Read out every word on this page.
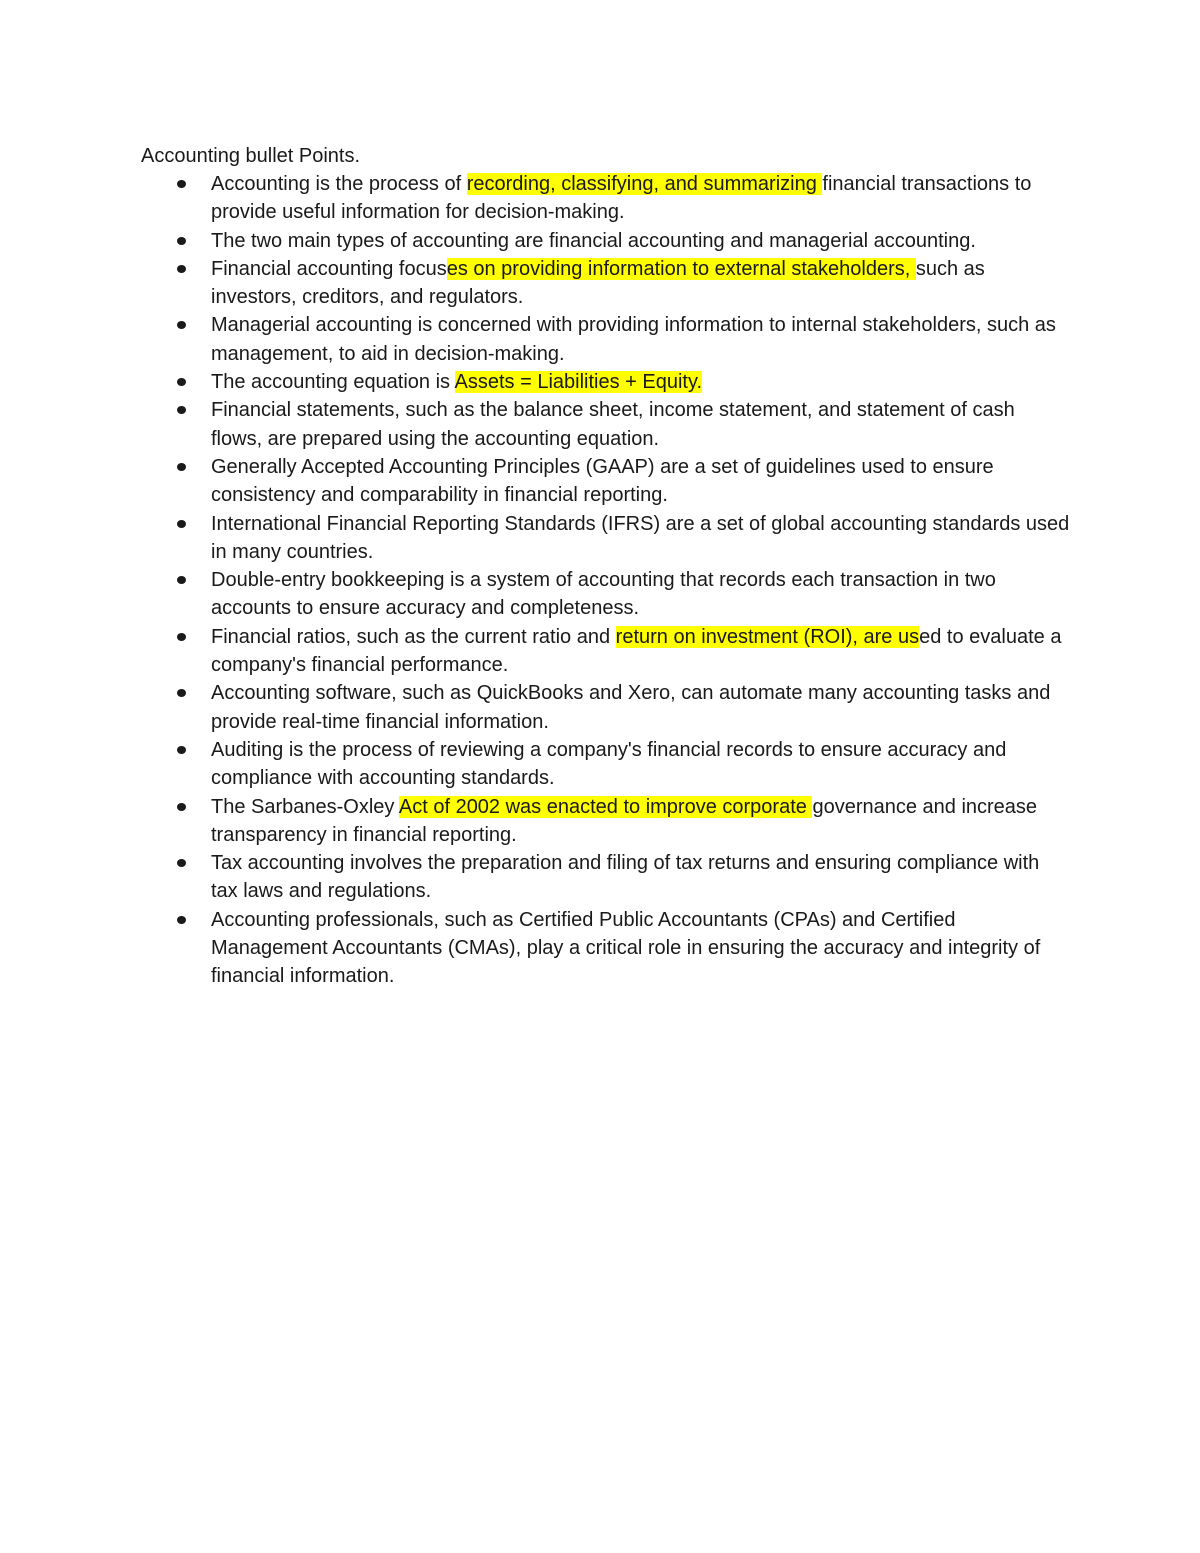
Accounting bullet Points.
Accounting is the process of recording, classifying, and summarizing financial transactions to provide useful information for decision-making.
The two main types of accounting are financial accounting and managerial accounting.
Financial accounting focuses on providing information to external stakeholders, such as investors, creditors, and regulators.
Managerial accounting is concerned with providing information to internal stakeholders, such as management, to aid in decision-making.
The accounting equation is Assets = Liabilities + Equity.
Financial statements, such as the balance sheet, income statement, and statement of cash flows, are prepared using the accounting equation.
Generally Accepted Accounting Principles (GAAP) are a set of guidelines used to ensure consistency and comparability in financial reporting.
International Financial Reporting Standards (IFRS) are a set of global accounting standards used in many countries.
Double-entry bookkeeping is a system of accounting that records each transaction in two accounts to ensure accuracy and completeness.
Financial ratios, such as the current ratio and return on investment (ROI), are used to evaluate a company's financial performance.
Accounting software, such as QuickBooks and Xero, can automate many accounting tasks and provide real-time financial information.
Auditing is the process of reviewing a company's financial records to ensure accuracy and compliance with accounting standards.
The Sarbanes-Oxley Act of 2002 was enacted to improve corporate governance and increase transparency in financial reporting.
Tax accounting involves the preparation and filing of tax returns and ensuring compliance with tax laws and regulations.
Accounting professionals, such as Certified Public Accountants (CPAs) and Certified Management Accountants (CMAs), play a critical role in ensuring the accuracy and integrity of financial information.
